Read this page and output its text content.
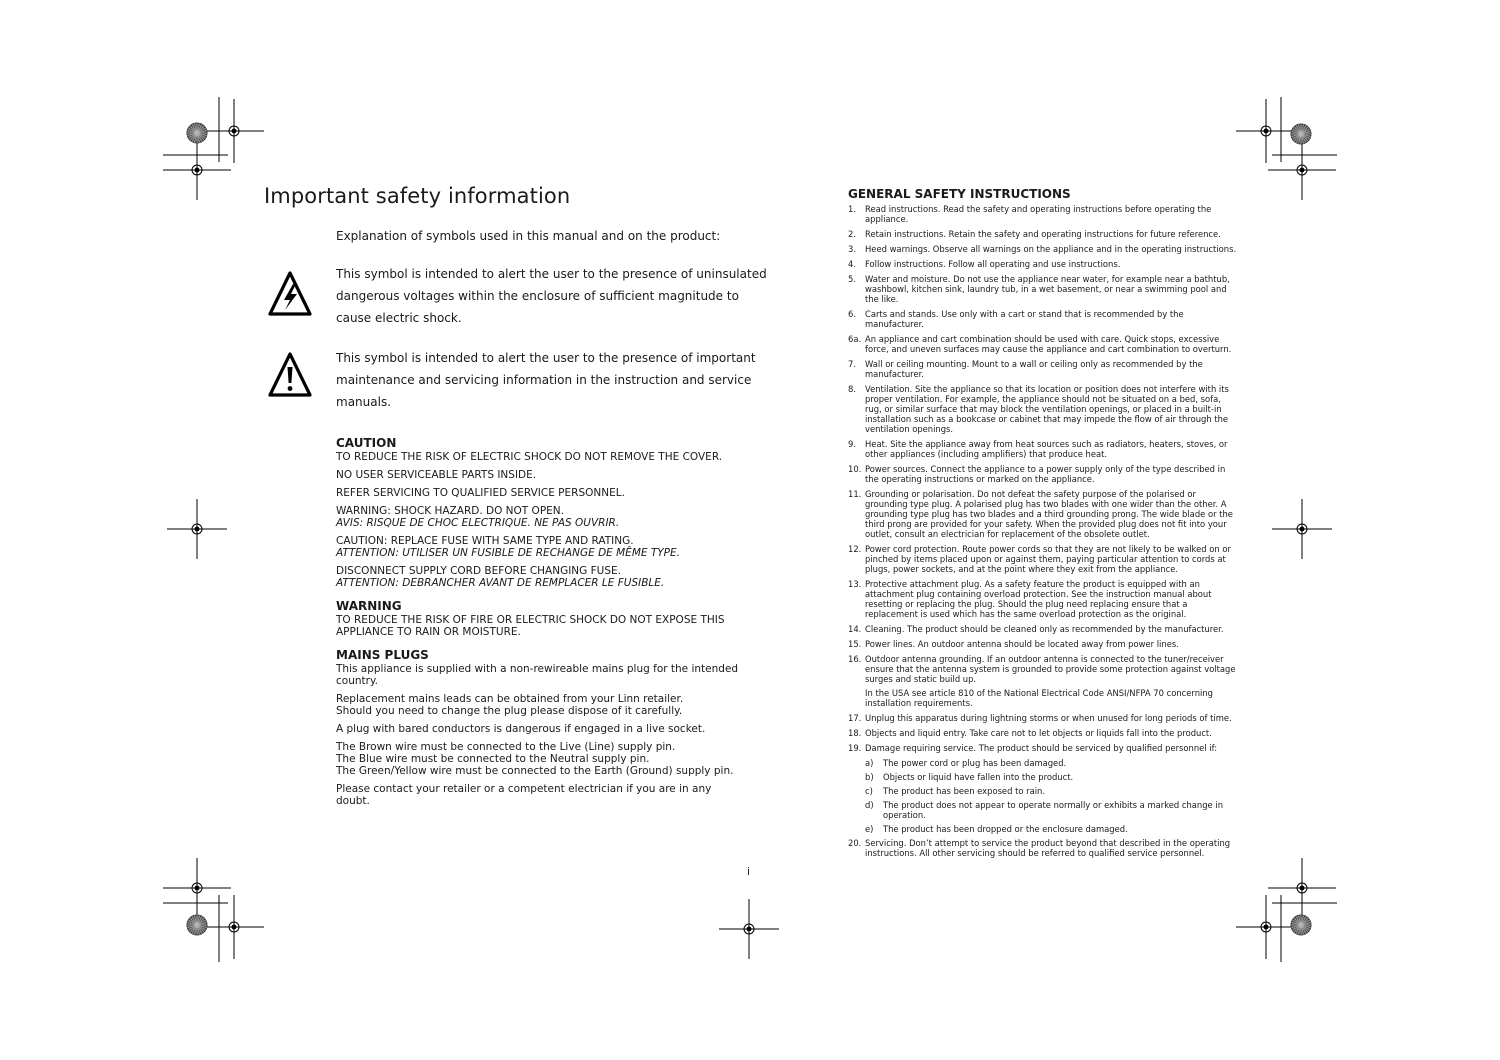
Important safety information
Explanation of symbols used in this manual and on the product:
This symbol is intended to alert the user to the presence of uninsulated
dangerous voltages within the enclosure of sufficient magnitude to
cause electric shock.
This symbol is intended to alert the user to the presence of important
maintenance and servicing information in the instruction and service
manuals.
CAUTION

TO REDUCE THE RISK OF ELECTRIC SHOCK DO NOT REMOVE THE COVER.

NO USER SERVICEABLE PARTS INSIDE.

REFER SERVICING TO QUALIFIED SERVICE PERSONNEL.

WARNING: SHOCK HAZARD. DO NOT OPEN.
AVIS: RISQUE DE CHOC ELECTRIQUE. NE PAS OUVRIR.

CAUTION: REPLACE FUSE WITH SAME TYPE AND RATING.
ATTENTION: UTILISER UN FUSIBLE DE RECHANGE DE MÊME TYPE.

DISCONNECT SUPPLY CORD BEFORE CHANGING FUSE.
ATTENTION: DEBRANCHER AVANT DE REMPLACER LE FUSIBLE.

WARNING

TO REDUCE THE RISK OF FIRE OR ELECTRIC SHOCK DO NOT EXPOSE THIS
APPLIANCE TO RAIN OR MOISTURE.

MAINS PLUGS

This appliance is supplied with a non-rewireable mains plug for the intended
country.

Replacement mains leads can be obtained from your Linn retailer.
Should you need to change the plug please dispose of it carefully.

A plug with bared conductors is dangerous if engaged in a live socket.

The Brown wire must be connected to the Live (Line) supply pin.
The Blue wire must be connected to the Neutral supply pin.
The Green/Yellow wire must be connected to the Earth (Ground) supply pin.

Please contact your retailer or a competent electrician if you are in any doubt.

GENERAL SAFETY INSTRUCTIONS
1.	Read instructions. Read the safety and operating instructions before operating the appliance.
2.	Retain instructions. Retain the safety and operating instructions for future reference.
3.	Heed warnings. Observe all warnings on the appliance and in the operating instructions.
4.	Follow instructions. Follow all operating and use instructions.
5.	Water and moisture. Do not use the appliance near water, for example near a bathtub, washbowl, kitchen sink, laundry tub, in a wet basement, or near a swimming pool and the like.
6.	Carts and stands. Use only with a cart or stand that is recommended by the manufacturer.
6a. An appliance and cart combination should be used with care. Quick stops, excessive force, and uneven surfaces may cause the appliance and cart combination to overturn.
7.	Wall or ceiling mounting. Mount to a wall or ceiling only as recommended by the manufacturer.
8.	Ventilation. Site the appliance so that its location or position does not interfere with its proper ventilation. For example, the appliance should not be situated on a bed, sofa, rug, or similar surface that may block the ventilation openings, or placed in a built-in installation such as a bookcase or cabinet that may impede the flow of air through the ventilation openings.
9.	Heat. Site the appliance away from heat sources such as radiators, heaters, stoves, or other appliances (including amplifiers) that produce heat.
10. Power sources. Connect the appliance to a power supply only of the type described in the operating instructions or marked on the appliance.
11. Grounding or polarisation. Do not defeat the safety purpose of the polarised or grounding type plug. A polarised plug has two blades with one wider than the other. A grounding type plug has two blades and a third grounding prong. The wide blade or the third prong are provided for your safety. When the provided plug does not fit into your outlet, consult an electrician for replacement of the obsolete outlet.
12. Power cord protection. Route power cords so that they are not likely to be walked on or pinched by items placed upon or against them, paying particular attention to cords at plugs, power sockets, and at the point where they exit from the appliance.
13. Protective attachment plug. As a safety feature the product is equipped with an attachment plug containing overload protection. See the instruction manual about resetting or replacing the plug. Should the plug need replacing ensure that a replacement is used which has the same overload protection as the original.
14. Cleaning. The product should be cleaned only as recommended by the manufacturer.
15. Power lines. An outdoor antenna should be located away from power lines.
16. Outdoor antenna grounding. If an outdoor antenna is connected to the tuner/receiver ensure that the antenna system is grounded to provide some protection against voltage surges and static build up.
In the USA see article 810 of the National Electrical Code ANSI/NFPA 70 concerning installation requirements.
17. Unplug this apparatus during lightning storms or when unused for long periods of time.
18. Objects and liquid entry. Take care not to let objects or liquids fall into the product.
19. Damage requiring service. The product should be serviced by qualified personnel if:
a)	The power cord or plug has been damaged.
b)	Objects or liquid have fallen into the product.
c)	The product has been exposed to rain.
d)	The product does not appear to operate normally or exhibits a marked change in operation.
e)	The product has been dropped or the enclosure damaged.
20. Servicing. Don’t attempt to service the product beyond that described in the operating instructions. All other servicing should be referred to qualified service personnel.
i
